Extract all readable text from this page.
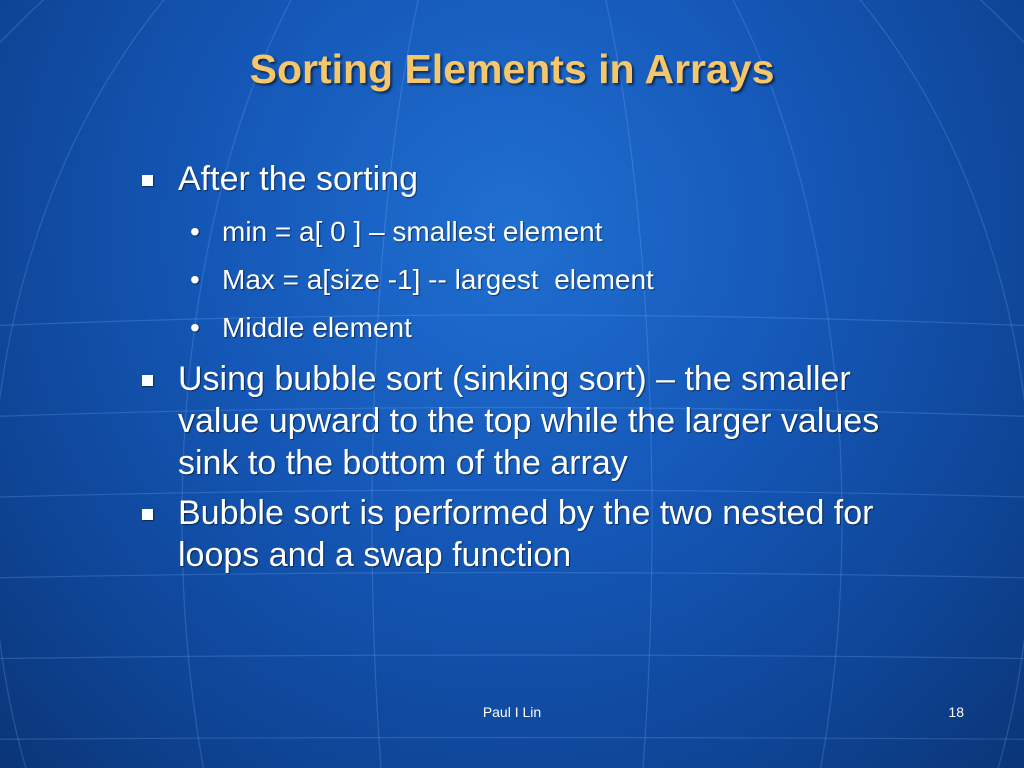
Sorting Elements in Arrays
After the sorting
• min = a[ 0 ] – smallest element
• Max = a[size -1] -- largest  element
• Middle element
Using bubble sort (sinking sort) – the smaller value upward to the top while the larger values sink to the bottom of the array
Bubble sort is performed by the two nested for loops and a swap function
Paul I Lin	18
